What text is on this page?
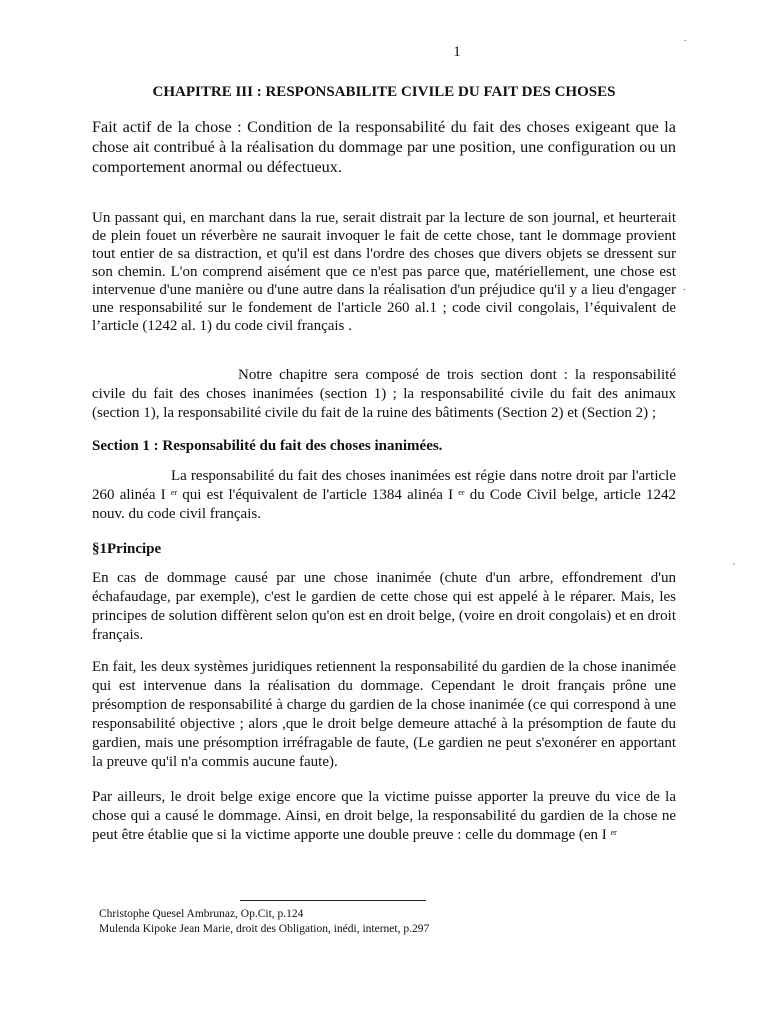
1
.
.
ˊ
CHAPITRE III : RESPONSABILITE CIVILE DU FAIT DES CHOSES

Fait actif de la chose : Condition de la responsabilité du fait des choses exigeant que la chose ait contribué à la réalisation du dommage par une position, une configuration ou un comportement anormal ou défectueux.

Un passant qui, en marchant dans la rue, serait distrait par la lecture de son journal, et heurterait de plein fouet un réverbère ne saurait invoquer le fait de cette chose, tant le dommage provient tout entier de sa distraction, et qu'il est dans l'ordre des choses que divers objets se dressent sur son chemin. L'on comprend aisément que ce n'est pas parce que, matériellement, une chose est intervenue d'une manière ou d'une autre dans la réalisation d'un préjudice qu'il y a lieu d'engager une responsabilité sur le fondement de l'article 260 al.1 ; code civil congolais, l’équivalent de l’article (1242 al. 1) du code civil français .

Notre chapitre sera composé de trois section dont : la responsabilité civile du fait des choses inanimées (section 1) ; la responsabilité civile du fait des animaux (section 1), la responsabilité civile du fait de la ruine des bâtiments (Section 2) et (Section 2) ;

Section 1 : Responsabilité du fait des choses inanimées.

La responsabilité du fait des choses inanimées est régie dans notre droit par l'article 260 alinéa I $^{er}$ qui est l'équivalent de l'article 1384 alinéa I $^{er}$ du Code Civil belge, article 1242 nouv. du code civil français.

§1Principe

En cas de dommage causé par une chose inanimée (chute d'un arbre, effondrement d'un échafaudage, par exemple), c'est le gardien de cette chose qui est appelé à le réparer. Mais, les principes de solution diffèrent selon qu'on est en droit belge, (voire en droit congolais) et en droit français.

En fait, les deux systèmes juridiques retiennent la responsabilité du gardien de la chose inanimée qui est intervenue dans la réalisation du dommage. Cependant le droit français prône une présomption de responsabilité à charge du gardien de la chose inanimée (ce qui correspond à une responsabilité objective ; alors ,que le droit belge demeure attaché à la présomption de faute du gardien, mais une présomption irréfragable de faute, (Le gardien ne peut s'exonérer en apportant la preuve qu'il n'a commis aucune faute).

Par ailleurs, le droit belge exige encore que la victime puisse apporter la preuve du vice de la chose qui a causé le dommage. Ainsi, en droit belge, la responsabilité du gardien de la chose ne peut être établie que si la victime apporte une double preuve : celle du dommage (en I $^{er}$

Christophe Quesel Ambrunaz, Op.Cit, p.124
Mulenda Kipoke Jean Marie, droit des Obligation, inédi, internet, p.297
